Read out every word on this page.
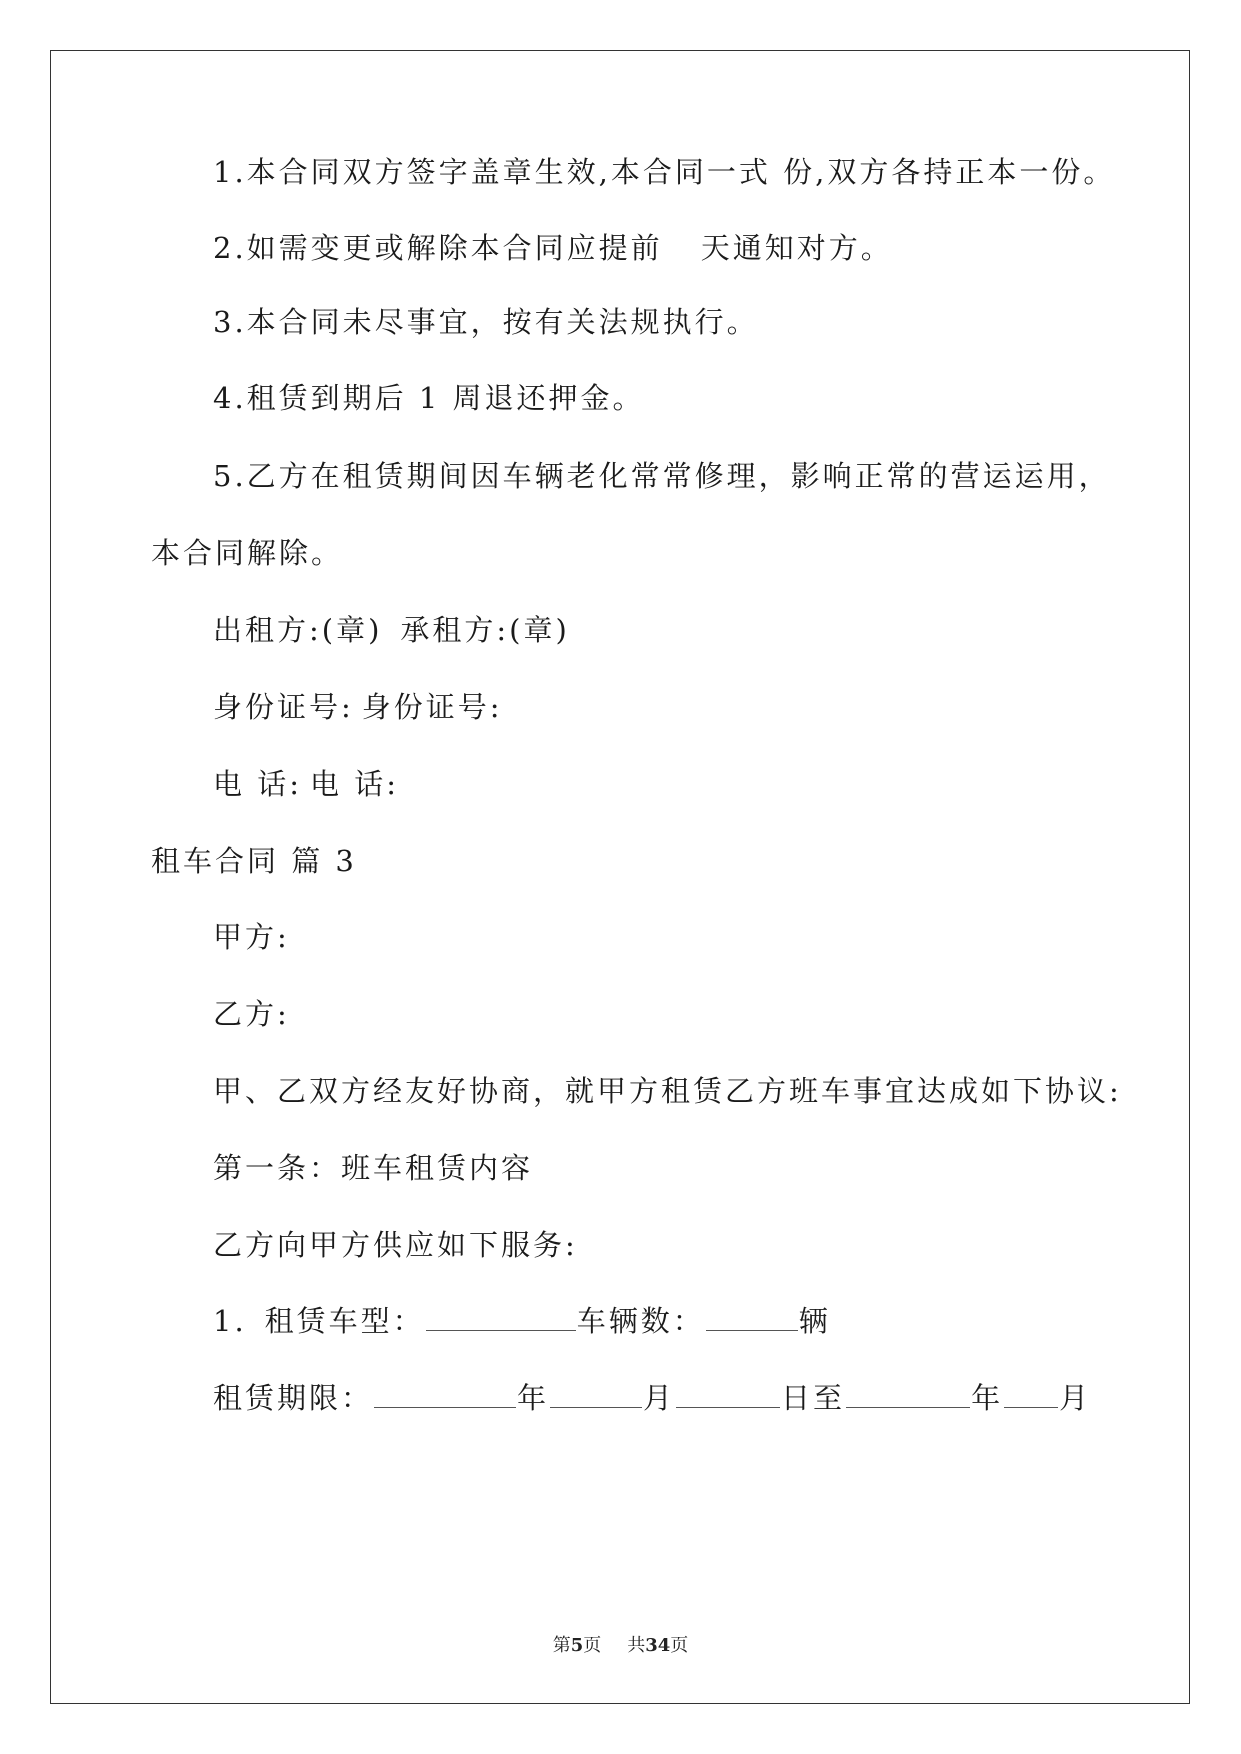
1.本合同双方签字盖章生效,本合同一式 份,双方各持正本一份。
2.如需变更或解除本合同应提前 天通知对方。
3.本合同未尽事宜，按有关法规执行。
4.租赁到期后 1 周退还押金。
5.乙方在租赁期间因车辆老化常常修理，影响正常的营运运用，
本合同解除。
出租方:(章) 承租方:(章)
身份证号: 身份证号:
电 话: 电 话:
租车合同 篇 3
甲方:
乙方:
甲、乙双方经友好协商，就甲方租赁乙方班车事宜达成如下协议:
第一条：班车租赁内容
乙方向甲方供应如下服务:
1. 租赁车型：	车辆数：	辆
租赁期限：	年	月	日至	年 月
第5页 共34页
